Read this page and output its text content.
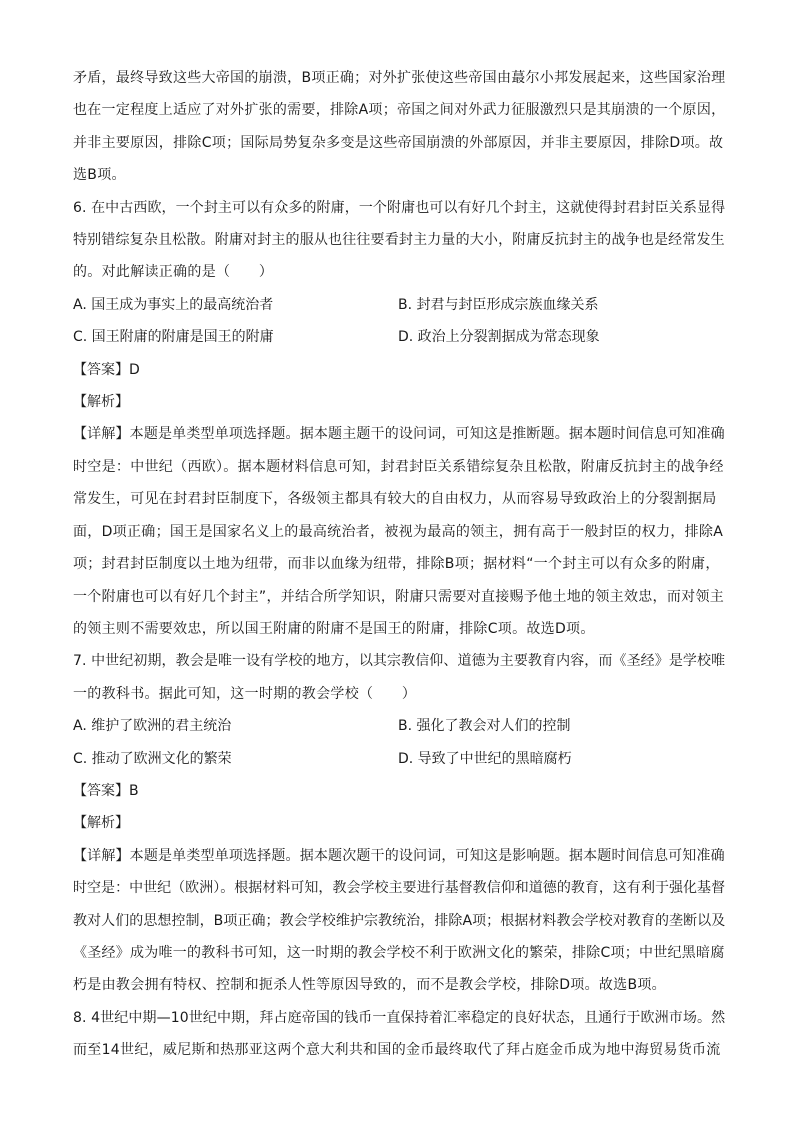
矛盾，最终导致这些大帝国的崩溃，B项正确；对外扩张使这些帝国由蕞尔小邦发展起来，这些国家治理
也在一定程度上适应了对外扩张的需要，排除A项；帝国之间对外武力征服激烈只是其崩溃的一个原因，
并非主要原因，排除C项；国际局势复杂多变是这些帝国崩溃的外部原因，并非主要原因，排除D项。故
选B项。

6. 在中古西欧，一个封主可以有众多的附庸，一个附庸也可以有好几个封主，这就使得封君封臣关系显得
特别错综复杂且松散。附庸对封主的服从也往往要看封主力量的大小，附庸反抗封主的战争也是经常发生
的。对此解读正确的是（　　）

A. 国王成为事实上的最高统治者	B. 封君与封臣形成宗族血缘关系
C. 国王附庸的附庸是国王的附庸	D. 政治上分裂割据成为常态现象
【答案】D
【解析】

【详解】本题是单类型单项选择题。据本题主题干的设问词，可知这是推断题。据本题时间信息可知准确
时空是：中世纪（西欧）。据本题材料信息可知，封君封臣关系错综复杂且松散，附庸反抗封主的战争经
常发生，可见在封君封臣制度下，各级领主都具有较大的自由权力，从而容易导致政治上的分裂割据局
面，D项正确；国王是国家名义上的最高统治者，被视为最高的领主，拥有高于一般封臣的权力，排除A
项；封君封臣制度以土地为纽带，而非以血缘为纽带，排除B项；据材料“一个封主可以有众多的附庸，
一个附庸也可以有好几个封主”，并结合所学知识，附庸只需要对直接赐予他土地的领主效忠，而对领主
的领主则不需要效忠，所以国王附庸的附庸不是国王的附庸，排除C项。故选D项。

7. 中世纪初期，教会是唯一设有学校的地方，以其宗教信仰、道德为主要教育内容，而《圣经》是学校唯
一的教科书。据此可知，这一时期的教会学校（　　）

A. 维护了欧洲的君主统治	B. 强化了教会对人们的控制
C. 推动了欧洲文化的繁荣	D. 导致了中世纪的黑暗腐朽
【答案】B
【解析】

【详解】本题是单类型单项选择题。据本题次题干的设问词，可知这是影响题。据本题时间信息可知准确
时空是：中世纪（欧洲）。根据材料可知，教会学校主要进行基督教信仰和道德的教育，这有利于强化基督
教对人们的思想控制，B项正确；教会学校维护宗教统治，排除A项；根据材料教会学校对教育的垄断以及
《圣经》成为唯一的教科书可知，这一时期的教会学校不利于欧洲文化的繁荣，排除C项；中世纪黑暗腐
朽是由教会拥有特权、控制和扼杀人性等原因导致的，而不是教会学校，排除D项。故选B项。

8. 4世纪中期—10世纪中期，拜占庭帝国的钱币一直保持着汇率稳定的良好状态，且通行于欧洲市场。然
而至14世纪，威尼斯和热那亚这两个意大利共和国的金币最终取代了拜占庭金币成为地中海贸易货币流
